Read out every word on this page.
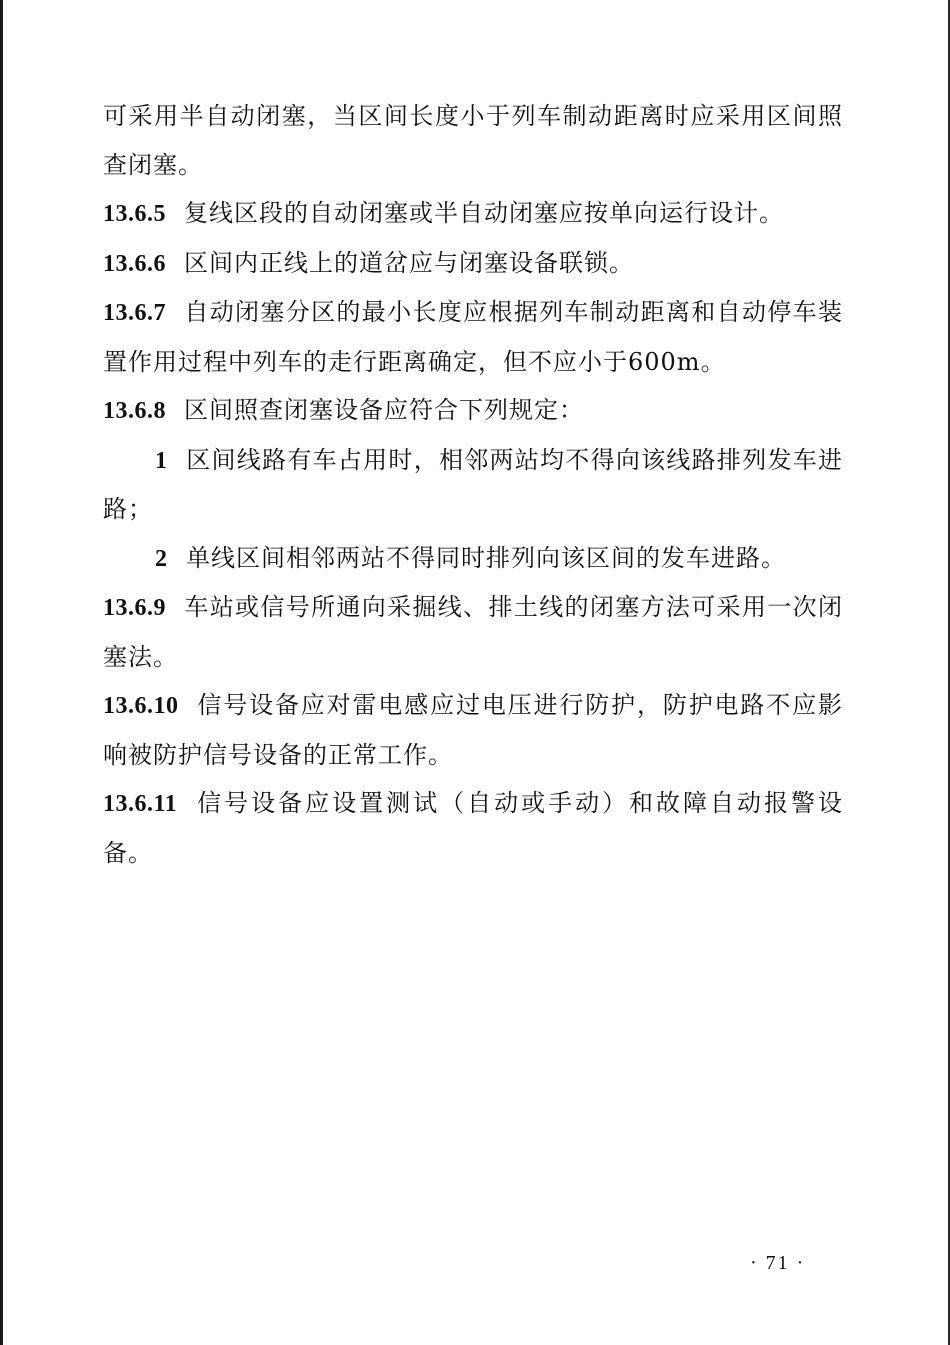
可采用半自动闭塞，当区间长度小于列车制动距离时应采用区间照查闭塞。

13.6.5 复线区段的自动闭塞或半自动闭塞应按单向运行设计。

13.6.6 区间内正线上的道岔应与闭塞设备联锁。

13.6.7 自动闭塞分区的最小长度应根据列车制动距离和自动停车装置作用过程中列车的走行距离确定，但不应小于600m。

13.6.8 区间照查闭塞设备应符合下列规定：

1 区间线路有车占用时，相邻两站均不得向该线路排列发车进路；

2 单线区间相邻两站不得同时排列向该区间的发车进路。

13.6.9 车站或信号所通向采掘线、排土线的闭塞方法可采用一次闭塞法。

13.6.10 信号设备应对雷电感应过电压进行防护，防护电路不应影响被防护信号设备的正常工作。

13.6.11 信号设备应设置测试（自动或手动）和故障自动报警设备。

· 71 ·
